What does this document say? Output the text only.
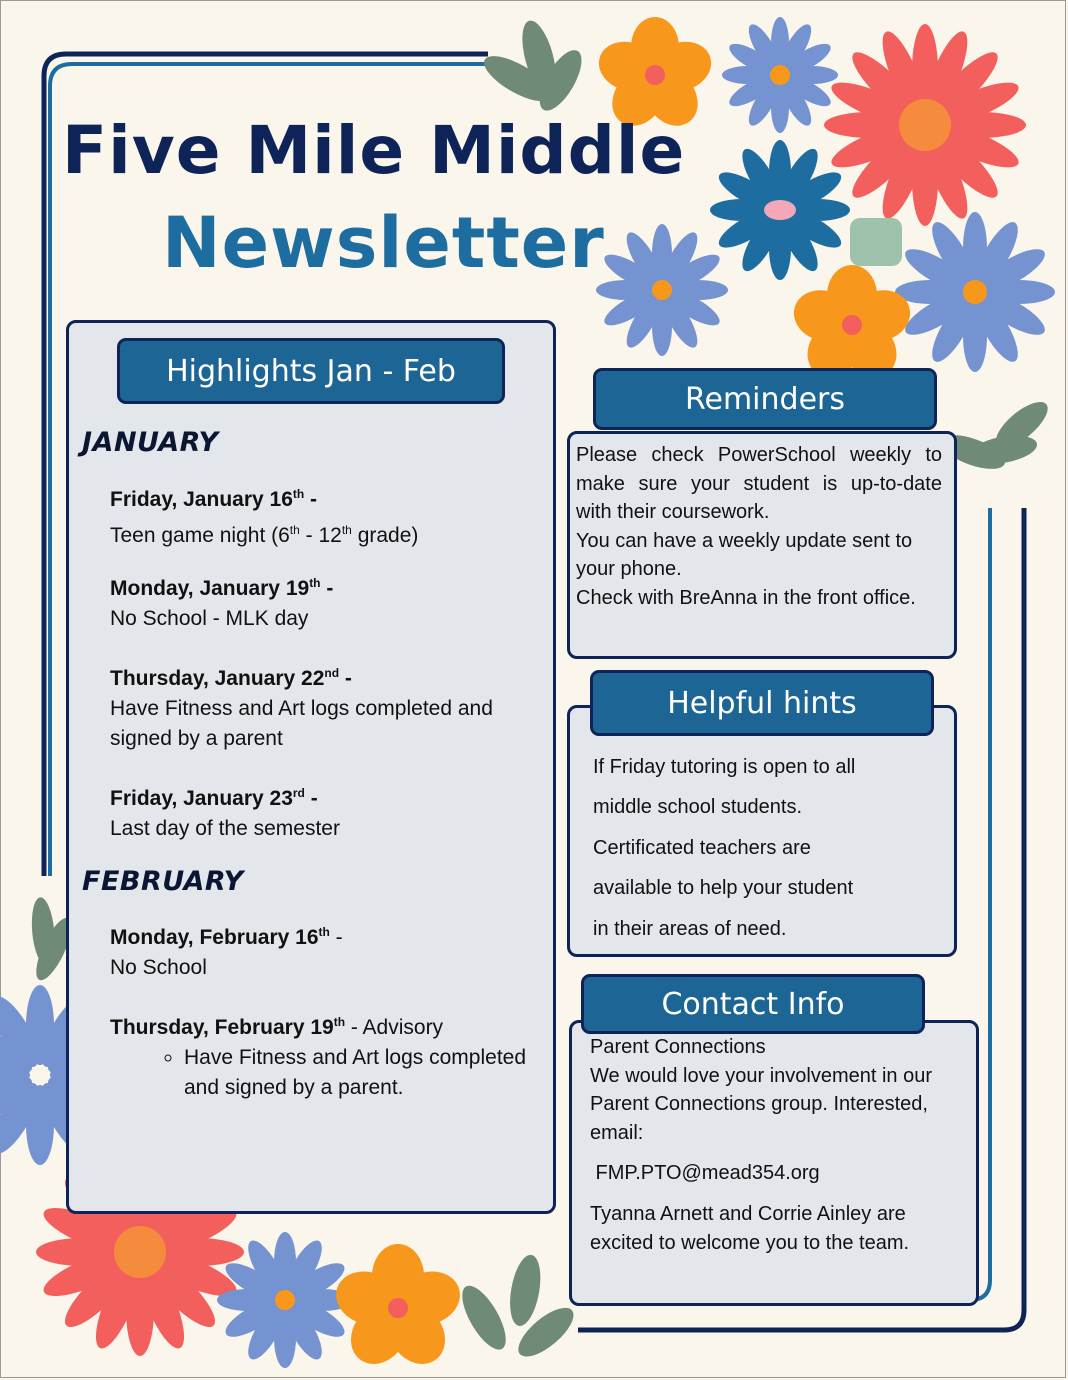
Five Mile Middle
Newsletter
Highlights Jan - Feb
JANUARY
Friday, January 16th -
Teen game night (6th - 12th grade)
Monday, January 19th -
No School - MLK day
Thursday, January 22nd -
Have Fitness and Art logs completed and signed by a parent
Friday, January 23rd -
Last day of the semester
FEBRUARY
Monday, February 16th -
No School
Thursday, February 19th - Advisory
◦ Have Fitness and Art logs completed and signed by a parent.
Reminders
Please check PowerSchool weekly to make sure your student is up-to-date with their coursework.
You can have a weekly update sent to your phone.
Check with BreAnna in the front office.
Helpful hints
If Friday tutoring is open to all
middle school students.
Certificated teachers are
available to help your student
in their areas of need.
Contact Info

Parent Connections

We would love your involvement in our Parent Connections group. Interested, email:

FMP.PTO@mead354.org

Tyanna Arnett and Corrie Ainley are excited to welcome you to the team.
